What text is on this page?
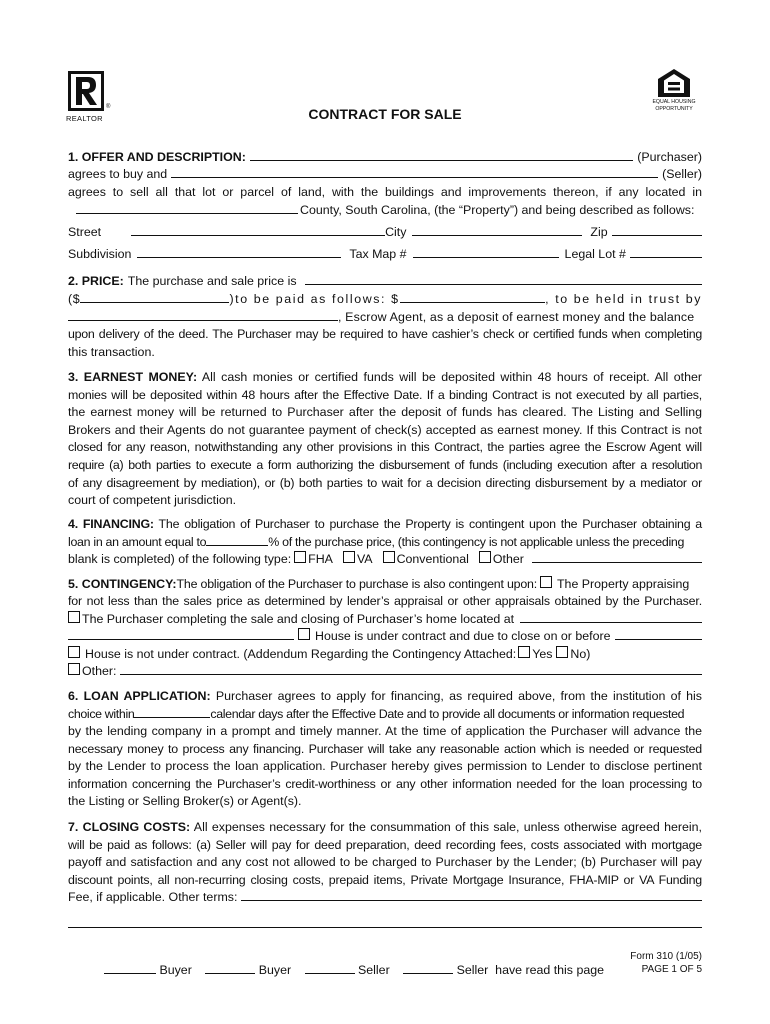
®
REALTOR
EQUAL HOUSING
OPPORTUNITY
CONTRACT FOR SALE
1. OFFER AND DESCRIPTION:	(Purchaser)
agrees to buy and	(Seller)
agrees to sell all that lot or parcel of land, with the buildings and improvements thereon, if any located in
County, South Carolina, (the “Property”) and being described as follows:
Street	City	Zip
Subdivision	Tax Map #	Legal Lot #
2. PRICE: The purchase and sale price is
($	)to be paid as follows: $	, to be held in trust by
, Escrow Agent, as a deposit of earnest money and the balance
upon delivery of the deed. The Purchaser may be required to have cashier’s check or certified funds when completing
this transaction.
3. EARNEST MONEY: All cash monies or certified funds will be deposited within 48 hours of receipt. All other
monies will be deposited within 48 hours after the Effective Date. If a binding Contract is not executed by all parties,
the earnest money will be returned to Purchaser after the deposit of funds has cleared. The Listing and Selling
Brokers and their Agents do not guarantee payment of check(s) accepted as earnest money. If this Contract is not
closed for any reason, notwithstanding any other provisions in this Contract, the parties agree the Escrow Agent will
require (a) both parties to execute a form authorizing the disbursement of funds (including execution after a resolution
of any disagreement by mediation), or (b) both parties to wait for a decision directing disbursement by a mediator or
court of competent jurisdiction.
4. FINANCING: The obligation of Purchaser to purchase the Property is contingent upon the Purchaser obtaining a
loan in an amount equal to	% of the purchase price, (this contingency is not applicable unless the preceding
blank is completed) of the following type: FHA VA Conventional Other
5. CONTINGENCY: The obligation of the Purchaser to purchase is also contingent upon: The Property appraising
for not less than the sales price as determined by lender’s appraisal or other appraisals obtained by the Purchaser.
The Purchaser completing the sale and closing of Purchaser’s home located at
House is under contract and due to close on or before
House is not under contract. (Addendum Regarding the Contingency Attached: Yes No)
Other:
6. LOAN APPLICATION: Purchaser agrees to apply for financing, as required above, from the institution of his
choice within	calendar days after the Effective Date and to provide all documents or information requested
by the lending company in a prompt and timely manner. At the time of application the Purchaser will advance the
necessary money to process any financing. Purchaser will take any reasonable action which is needed or requested
by the Lender to process the loan application. Purchaser hereby gives permission to Lender to disclose pertinent
information concerning the Purchaser’s credit-worthiness or any other information needed for the loan processing to
the Listing or Selling Broker(s) or Agent(s).
7. CLOSING COSTS: All expenses necessary for the consummation of this sale, unless otherwise agreed herein,
will be paid as follows: (a) Seller will pay for deed preparation, deed recording fees, costs associated with mortgage
payoff and satisfaction and any cost not allowed to be charged to Purchaser by the Lender; (b) Purchaser will pay
discount points, all non-recurring closing costs, prepaid items, Private Mortgage Insurance, FHA-MIP or VA Funding
Fee, if applicable. Other terms:
Buyer	Buyer	Seller	Seller  have read this page
Form 310 (1/05)
PAGE 1 OF 5
